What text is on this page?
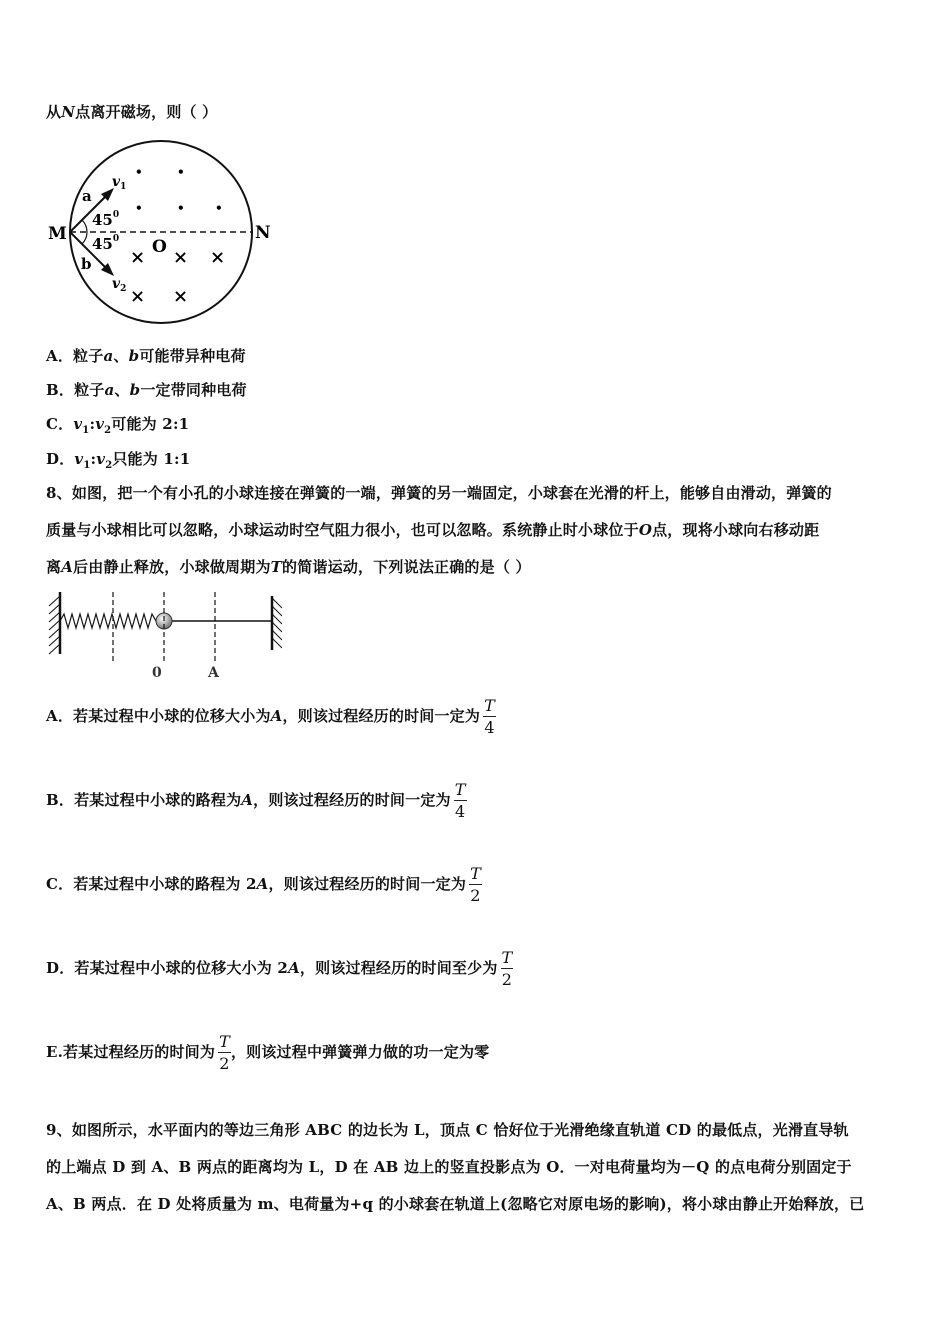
从N点离开磁场，则（ ）
M	N
O
a
b
$v_1$
$v_2$
$45^0$
$45^0$
•	•
•	•	•
× × ×
× ×
A．粒子a、b可能带异种电荷
B．粒子a、b一定带同种电荷
C．$v_1:v_2$可能为 2:1
D．$v_1:v_2$只能为 1:1
8、如图，把一个有小孔的小球连接在弹簧的一端，弹簧的另一端固定，小球套在光滑的杆上，能够自由滑动，弹簧的
质量与小球相比可以忽略，小球运动时空气阻力很小，也可以忽略。系统静止时小球位于O点，现将小球向右移动距
离A后由静止释放，小球做周期为T的简谐运动，下列说法正确的是（ ）
0	A
A．若某过程中小球的位移大小为A，则该过程经历的时间一定为 $\frac{T}{4}$
B．若某过程中小球的路程为A，则该过程经历的时间一定为 $\frac{T}{4}$
C．若某过程中小球的路程为 2A，则该过程经历的时间一定为 $\frac{T}{2}$
D．若某过程中小球的位移大小为 2A，则该过程经历的时间至少为 $\frac{T}{2}$
E.若某过程经历的时间为 $\frac{T}{2}$ ，则该过程中弹簧弹力做的功一定为零
9、如图所示，水平面内的等边三角形 ABC 的边长为 L，顶点 C 恰好位于光滑绝缘直轨道 CD 的最低点，光滑直导轨
的上端点 D 到 A、B 两点的距离均为 L，D 在 AB 边上的竖直投影点为 O．一对电荷量均为－Q 的点电荷分别固定于
A、B 两点．在 D 处将质量为 m、电荷量为+q 的小球套在轨道上(忽略它对原电场的影响)，将小球由静止开始释放，已
